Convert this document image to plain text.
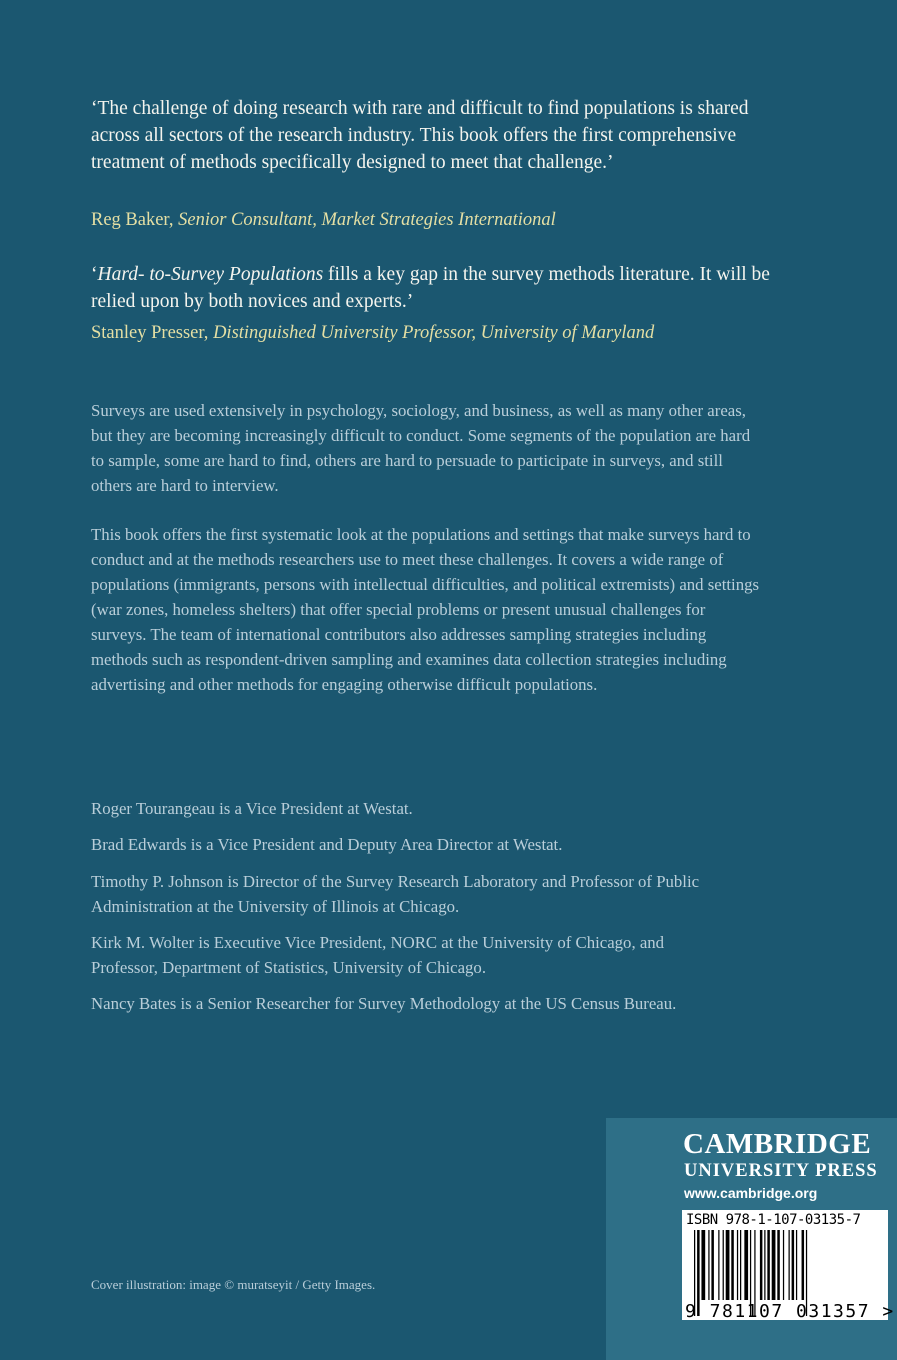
‘The challenge of doing research with rare and difficult to find populations is shared across all sectors of the research industry. This book offers the first comprehensive treatment of methods specifically designed to meet that challenge.’

Reg Baker, Senior Consultant, Market Strategies International

‘Hard- to-Survey Populations fills a key gap in the survey methods literature. It will be relied upon by both novices and experts.’

Stanley Presser, Distinguished University Professor, University of Maryland

Surveys are used extensively in psychology, sociology, and business, as well as many other areas, but they are becoming increasingly difficult to conduct. Some segments of the population are hard to sample, some are hard to find, others are hard to persuade to participate in surveys, and still others are hard to interview.

This book offers the first systematic look at the populations and settings that make surveys hard to conduct and at the methods researchers use to meet these challenges. It covers a wide range of populations (immigrants, persons with intellectual difficulties, and political extremists) and settings (war zones, homeless shelters) that offer special problems or present unusual challenges for surveys. The team of international contributors also addresses sampling strategies including methods such as respondent-driven sampling and examines data collection strategies including advertising and other methods for engaging otherwise difficult populations.

Roger Tourangeau is a Vice President at Westat.

Brad Edwards is a Vice President and Deputy Area Director at Westat.

Timothy P. Johnson is Director of the Survey Research Laboratory and Professor of Public Administration at the University of Illinois at Chicago.

Kirk M. Wolter is Executive Vice President, NORC at the University of Chicago, and Professor, Department of Statistics, University of Chicago.

Nancy Bates is a Senior Researcher for Survey Methodology at the US Census Bureau.

Cover illustration: image © muratseyit / Getty Images.

CAMBRIDGE
UNIVERSITY PRESS
www.cambridge.org
ISBN 978-1-107-03135-7
9 781107 031357 >
